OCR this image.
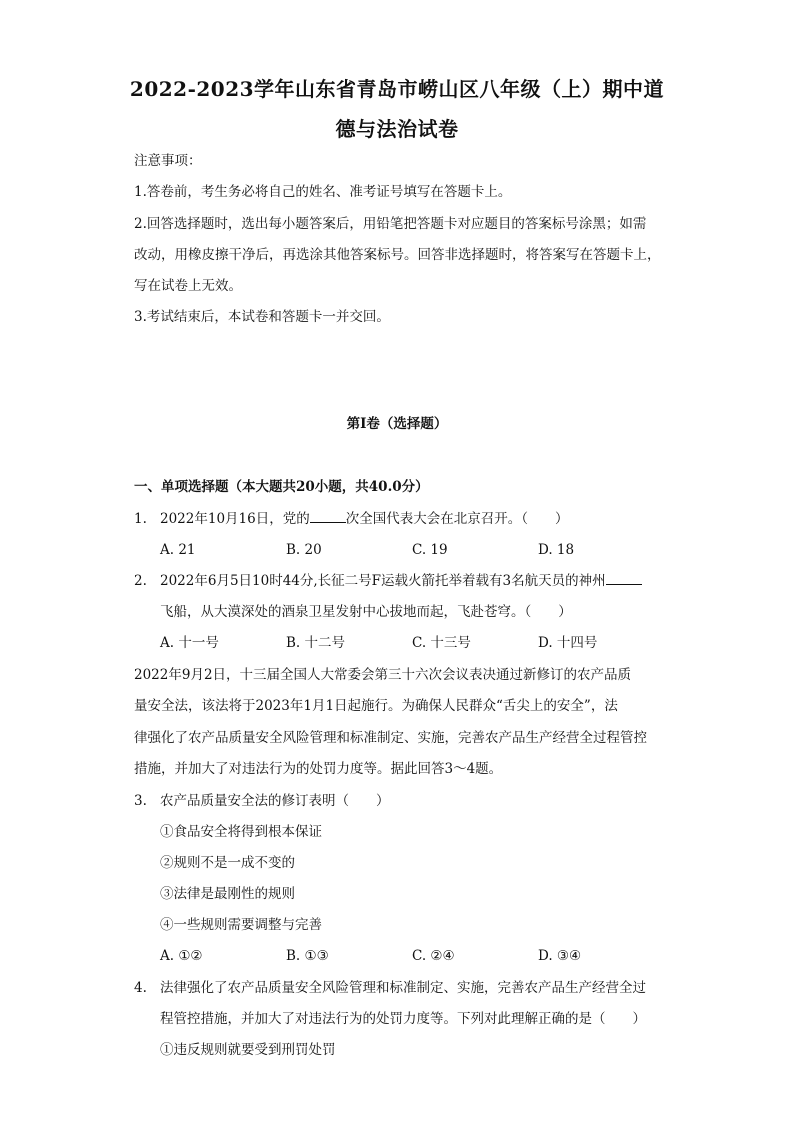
2022-2023学年山东省青岛市崂山区八年级（上）期中道
德与法治试卷
注意事项：
1.答卷前，考生务必将自己的姓名、准考证号填写在答题卡上。
2.回答选择题时，选出每小题答案后，用铅笔把答题卡对应题目的答案标号涂黑；如需
改动，用橡皮擦干净后，再选涂其他答案标号。回答非选择题时，将答案写在答题卡上，
写在试卷上无效。
3.考试结束后，本试卷和答题卡一并交回。
第Ⅰ卷（选择题）
一、单项选择题（本大题共20小题，共40.0分）
1. 2022年10月16日，党的	次全国代表大会在北京召开。（　　）
A. 21	B. 20	C. 19	D. 18
2. 2022年6月5日10时44分,长征二号F运载火箭托举着载有3名航天员的神州
飞船，从大漠深处的酒泉卫星发射中心拔地而起，飞赴苍穹。（　　）
A. 十一号	B. 十二号	C. 十三号	D. 十四号
2022年9月2日，十三届全国人大常委会第三十六次会议表决通过新修订的农产品质
量安全法，该法将于2023年1月1日起施行。为确保人民群众“舌尖上的安全”，法
律强化了农产品质量安全风险管理和标准制定、实施，完善农产品生产经营全过程管控
措施，并加大了对违法行为的处罚力度等。据此回答3～4题。
3. 农产品质量安全法的修订表明（　　）
①食品安全将得到根本保证
②规则不是一成不变的
③法律是最刚性的规则
④一些规则需要调整与完善
A. ①②	B. ①③	C. ②④	D. ③④
4. 法律强化了农产品质量安全风险管理和标准制定、实施，完善农产品生产经营全过
程管控措施，并加大了对违法行为的处罚力度等。下列对此理解正确的是（　　）
①违反规则就要受到刑罚处罚
